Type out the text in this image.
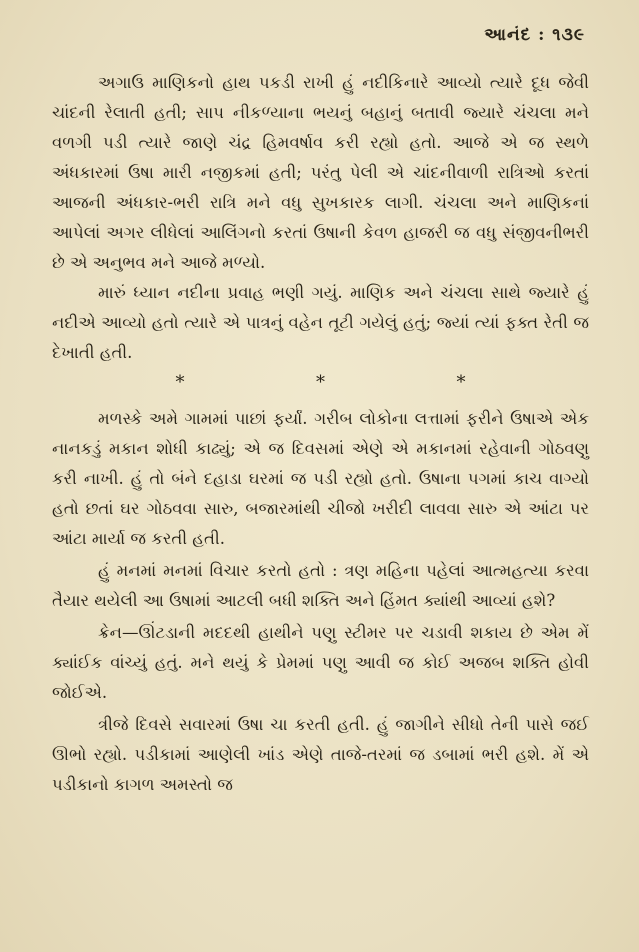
આનંદ : ૧૩૯

અગાઉ માણિકનો હાથ પકડી રાખી હું નદીકિનારે આવ્યો ત્યારે દૂધ જેવી ચાંદની રેલાતી હતી; સાપ નીકળ્યાના ભયનું બહાનું બતાવી જ્યારે ચંચલા મને વળગી પડી ત્યારે જાણે ચંદ્ર હિમવર્ષાવ કરી રહ્યો હતો. આજે એ જ સ્થળે અંધકારમાં ઉષા મારી નજીકમાં હતી; પરંતુ પેલી એ ચાંદનીવાળી રાત્રિઓ કરતાં આજની અંધકાર-ભરી રાત્રિ મને વધુ સુખકારક લાગી. ચંચલા અને માણિકનાં આપેલાં અગર લીધેલાં આલિંગનો કરતાં ઉષાની કેવળ હાજરી જ વધુ સંજીવનીભરી છે એ અનુભવ મને આજે મળ્યો.

મારું ધ્યાન નદીના પ્રવાહ ભણી ગયું. માણિક અને ચંચલા સાથે જ્યારે હું નદીએ આવ્યો હતો ત્યારે એ પાત્રનું વહેન તૂટી ગયેલું હતું; જ્યાં ત્યાં ફક્ત રેતી જ દેખાતી હતી.

*	*	*

મળસ્કે અમે ગામમાં પાછાં ફર્યાં. ગરીબ લોકોના લત્તામાં ફરીને ઉષાએ એક નાનકડું મકાન શોધી કાઢ્યું; એ જ દિવસમાં એણે એ મકાનમાં રહેવાની ગોઠવણુ કરી નાખી. હું તો બંને દહાડા ઘરમાં જ પડી રહ્યો હતો. ઉષાના પગમાં કાચ વાગ્યો હતો છતાં ઘર ગોઠવવા સારુ, બજારમાંથી ચીજો ખરીદી લાવવા સારુ એ આંટા પર આંટા માર્યા જ કરતી હતી.

હું મનમાં મનમાં વિચાર કરતો હતો : ત્રણ મહિના પહેલાં આત્મહત્યા કરવા તૈયાર થયેલી આ ઉષામાં આટલી બધી શક્તિ અને હિંમત ક્યાંથી આવ્યાં હશે?

ક્રેન—ઊંટડાની મદદથી હાથીને પણુ સ્ટીમર પર ચડાવી શકાય છે એમ મેં ક્યાંઈક વાંચ્યું હતું. મને થયું કે પ્રેમમાં પણુ આવી જ કોઈ અજબ શક્તિ હોવી જોઈએ.

ત્રીજે દિવસે સવારમાં ઉષા ચા કરતી હતી. હું જાગીને સીધો તેની પાસે જઈ ઊભો રહ્યો. પડીકામાં આણેલી ખાંડ એણે તાજે-તરમાં જ ડબામાં ભરી હશે. મેં એ પડીકાનો કાગળ અમસ્તો જ
